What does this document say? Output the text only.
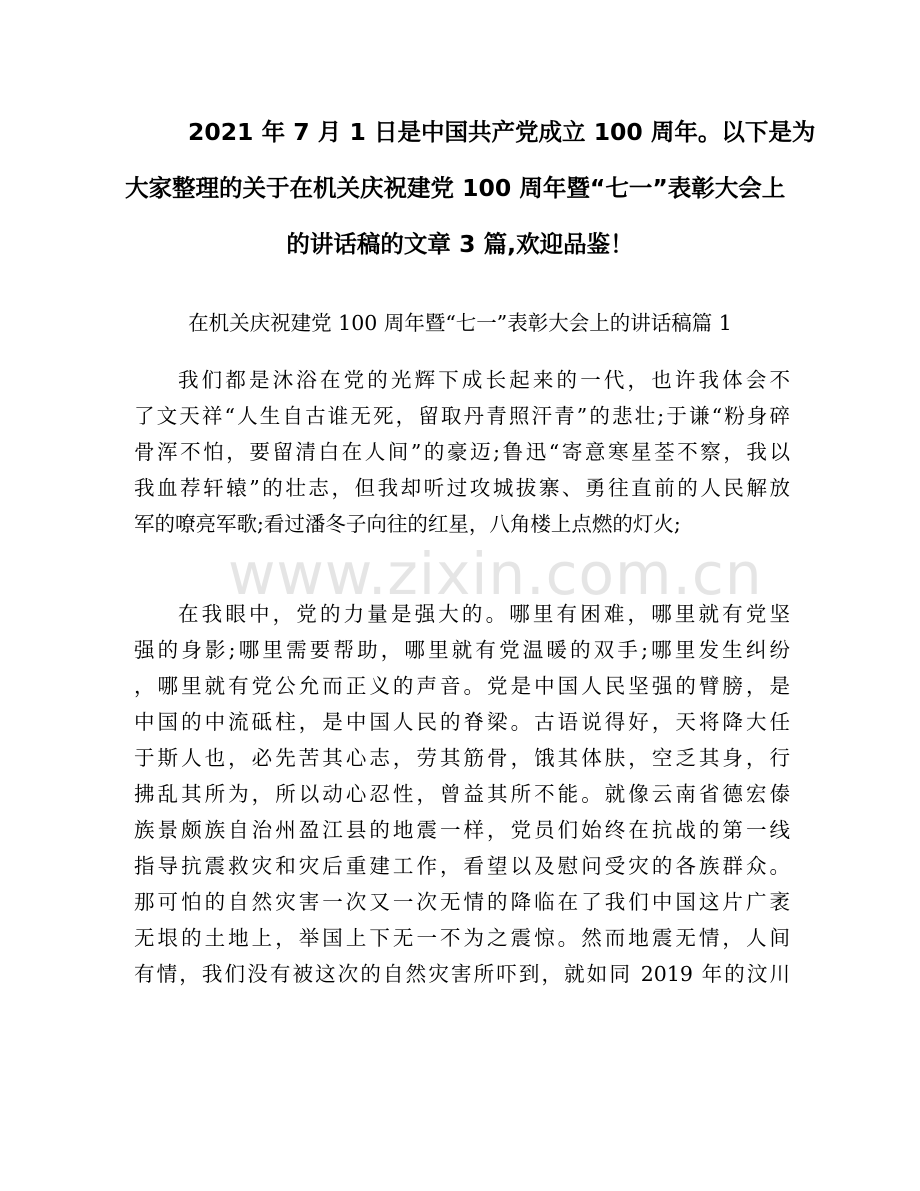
2021 年 7 月 1 日是中国共产党成立 100 周年。以下是为
大家整理的关于在机关庆祝建党 100 周年暨“七一”表彰大会上
的讲话稿的文章 3 篇,欢迎品鉴！
在机关庆祝建党 100 周年暨“七一”表彰大会上的讲话稿篇 1
我们都是沐浴在党的光辉下成长起来的一代，也许我体会不
了文天祥“人生自古谁无死，留取丹青照汗青”的悲壮;于谦“粉身碎
骨浑不怕，要留清白在人间”的豪迈;鲁迅“寄意寒星荃不察，我以
我血荐轩辕”的壮志，但我却听过攻城拔寨、勇往直前的人民解放
军的嘹亮军歌;看过潘冬子向往的红星，八角楼上点燃的灯火;
在我眼中，党的力量是强大的。哪里有困难，哪里就有党坚
强的身影;哪里需要帮助，哪里就有党温暖的双手;哪里发生纠纷
，哪里就有党公允而正义的声音。党是中国人民坚强的臂膀，是
中国的中流砥柱，是中国人民的脊梁。古语说得好，天将降大任
于斯人也，必先苦其心志，劳其筋骨，饿其体肤，空乏其身，行
拂乱其所为，所以动心忍性，曾益其所不能。就像云南省德宏傣
族景颇族自治州盈江县的地震一样，党员们始终在抗战的第一线
指导抗震救灾和灾后重建工作，看望以及慰问受灾的各族群众。
那可怕的自然灾害一次又一次无情的降临在了我们中国这片广袤
无垠的土地上，举国上下无一不为之震惊。然而地震无情，人间
有情，我们没有被这次的自然灾害所吓到，就如同 2019 年的汶川
www.zixin.com.cn
